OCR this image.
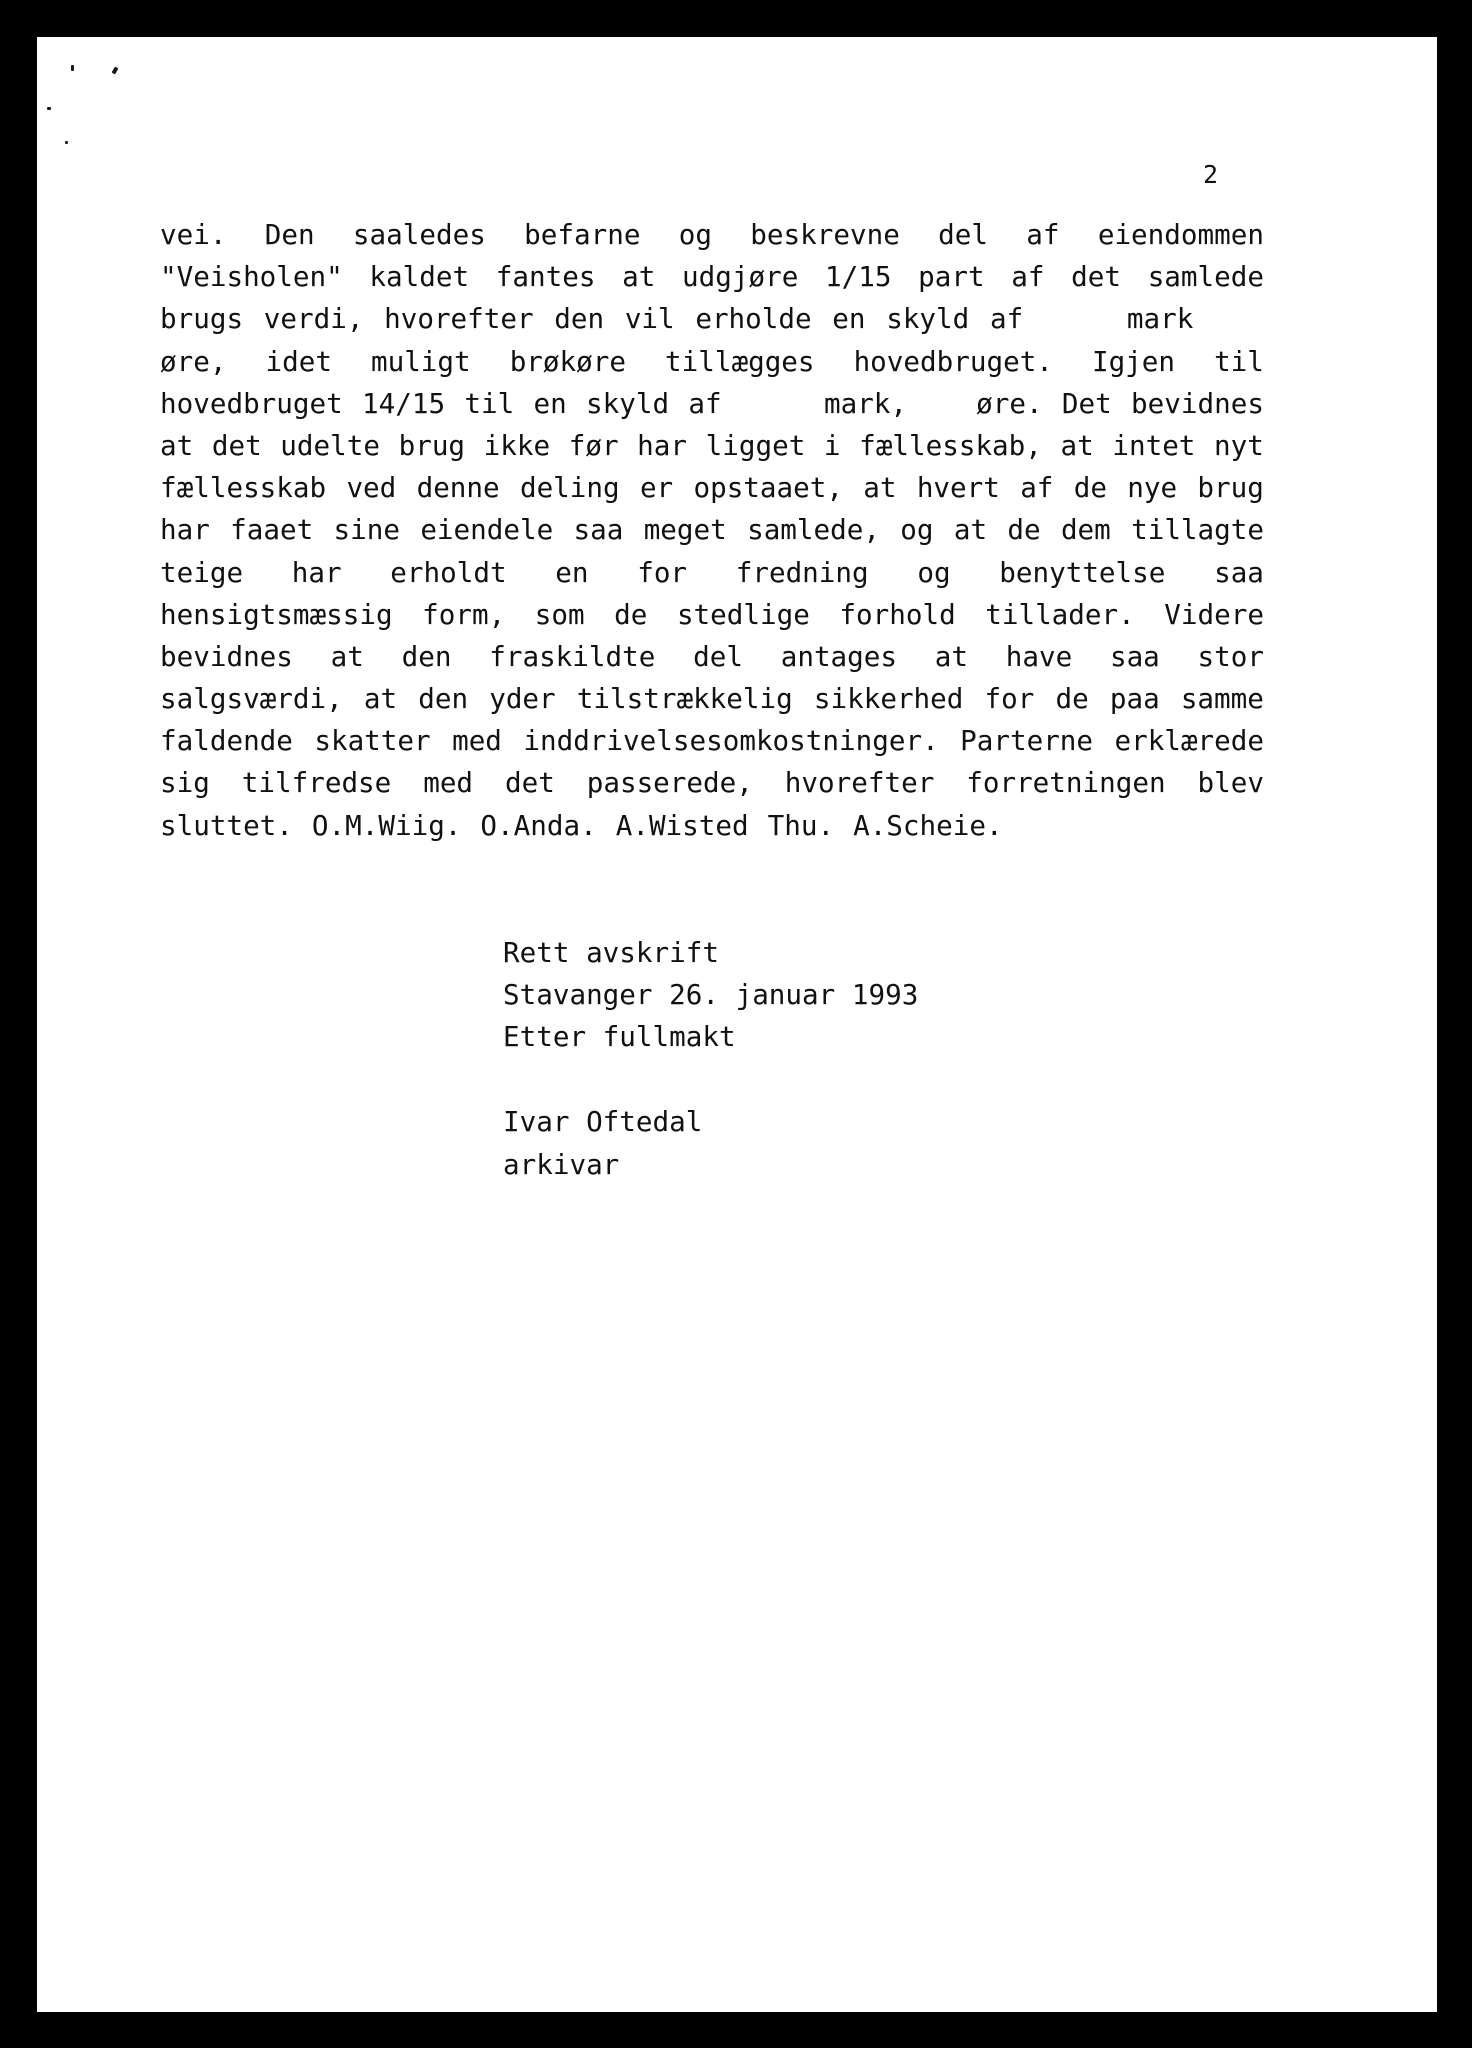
2
vei. Den saaledes befarne og beskrevne del af eiendommen
"Veisholen" kaldet fantes at udgjøre 1/15 part af det samlede
brugs verdi, hvorefter den vil erholde en skyld af mark

øre, idet muligt brøkøre tillægges hovedbruget. Igjen til
hovedbruget 14/15 til en skyld af mark, øre. Det bevidnes
at det udelte brug ikke før har ligget i fællesskab, at intet nyt
fællesskab ved denne deling er opstaaet, at hvert af de nye brug
har faaet sine eiendele saa meget samlede, og at de dem tillagte
teige har erholdt en for fredning og benyttelse saa
hensigtsmæssig form, som de stedlige forhold tillader. Videre
bevidnes at den fraskildte del antages at have saa stor
salgsværdi, at den yder tilstrækkelig sikkerhed for de paa samme
faldende skatter med inddrivelsesomkostninger. Parterne erklærede
sig tilfredse med det passerede, hvorefter forretningen blev
sluttet. O.M.Wiig. O.Anda. A.Wisted Thu. A.Scheie.
Rett avskrift
Stavanger 26. januar 1993
Etter fullmakt
Ivar Oftedal
arkivar
